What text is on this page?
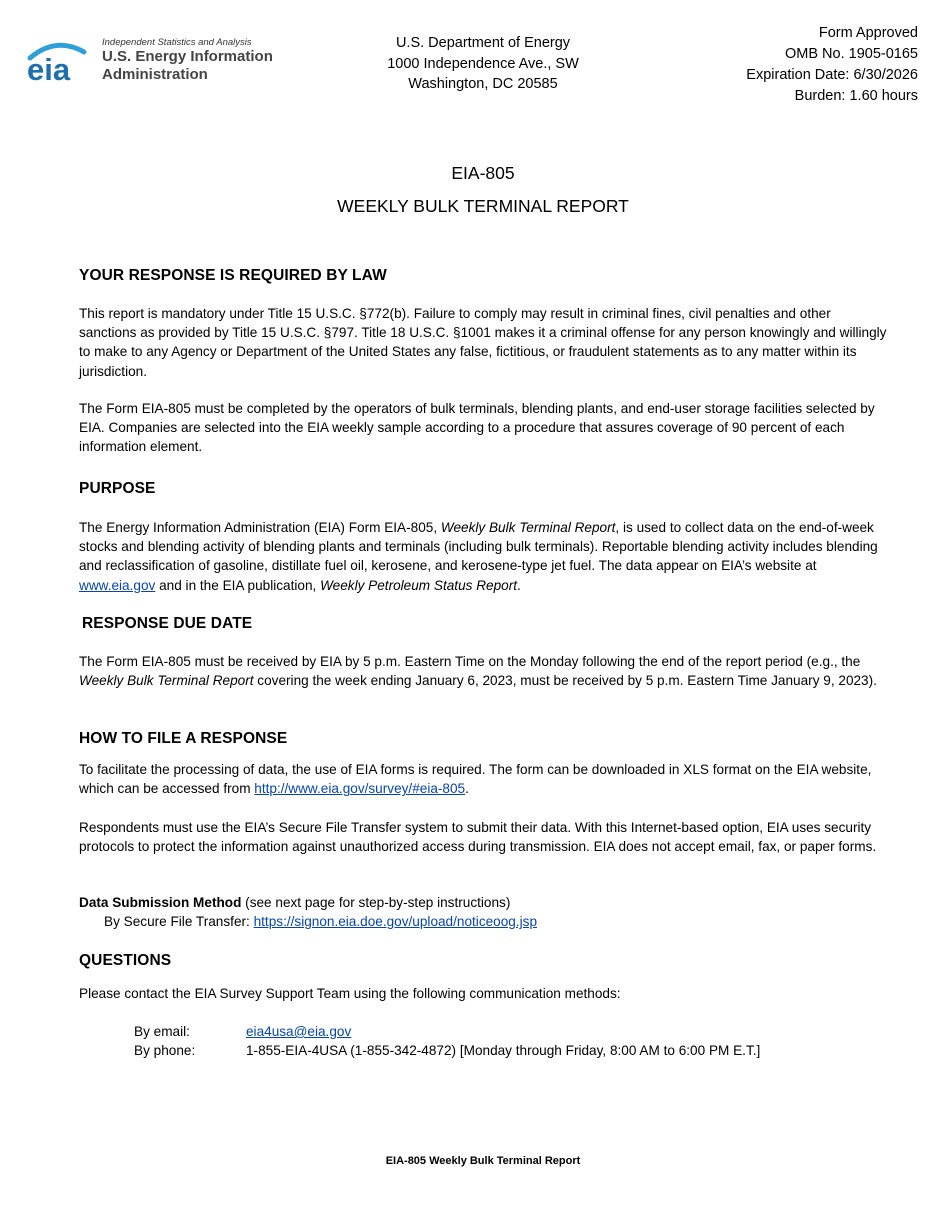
eia
Independent Statistics and Analysis
U.S. Energy Information
Administration
U.S. Department of Energy
1000 Independence Ave., SW
Washington, DC 20585
Form Approved
OMB No. 1905-0165
Expiration Date: 6/30/2026
Burden: 1.60 hours
EIA-805
WEEKLY BULK TERMINAL REPORT
YOUR RESPONSE IS REQUIRED BY LAW
This report is mandatory under Title 15 U.S.C. §772(b). Failure to comply may result in criminal fines, civil penalties and other sanctions as provided by Title 15 U.S.C. §797. Title 18 U.S.C. §1001 makes it a criminal offense for any person knowingly and willingly to make to any Agency or Department of the United States any false, fictitious, or fraudulent statements as to any matter within its jurisdiction.
The Form EIA-805 must be completed by the operators of bulk terminals, blending plants, and end-user storage facilities selected by EIA. Companies are selected into the EIA weekly sample according to a procedure that assures coverage of 90 percent of each information element.
PURPOSE
The Energy Information Administration (EIA) Form EIA-805, Weekly Bulk Terminal Report, is used to collect data on the end-of-week stocks and blending activity of blending plants and terminals (including bulk terminals). Reportable blending activity includes blending and reclassification of gasoline, distillate fuel oil, kerosene, and kerosene-type jet fuel. The data appear on EIA’s website at www.eia.gov and in the EIA publication, Weekly Petroleum Status Report.
RESPONSE DUE DATE
The Form EIA-805 must be received by EIA by 5 p.m. Eastern Time on the Monday following the end of the report period (e.g., the Weekly Bulk Terminal Report covering the week ending January 6, 2023, must be received by 5 p.m. Eastern Time January 9, 2023).
HOW TO FILE A RESPONSE
To facilitate the processing of data, the use of EIA forms is required. The form can be downloaded in XLS format on the EIA website, which can be accessed from http://www.eia.gov/survey/#eia-805.
Respondents must use the EIA’s Secure File Transfer system to submit their data. With this Internet-based option, EIA uses security protocols to protect the information against unauthorized access during transmission. EIA does not accept email, fax, or paper forms.
Data Submission Method (see next page for step-by-step instructions)
By Secure File Transfer: https://signon.eia.doe.gov/upload/noticeoog.jsp
QUESTIONS
Please contact the EIA Survey Support Team using the following communication methods:
By email:	eia4usa@eia.gov
By phone:	1-855-EIA-4USA (1-855-342-4872) [Monday through Friday, 8:00 AM to 6:00 PM E.T.]
EIA-805 Weekly Bulk Terminal Report
